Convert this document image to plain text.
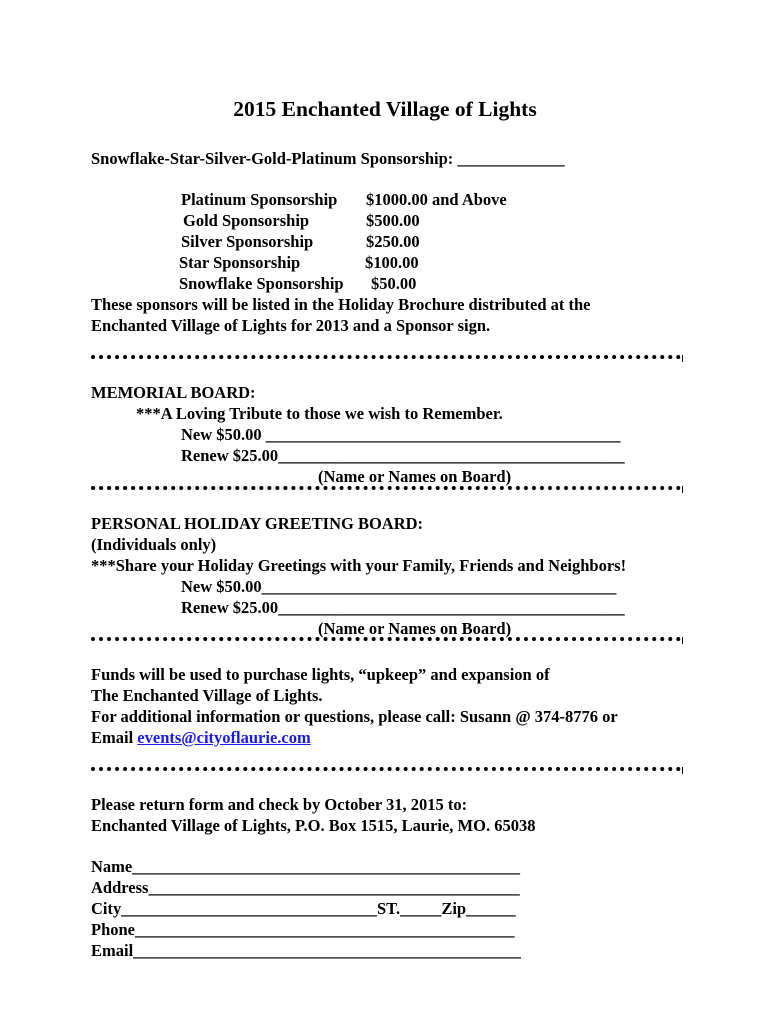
2015 Enchanted Village of Lights
Snowflake-Star-Silver-Gold-Platinum Sponsorship: _____________
Platinum Sponsorship $1000.00 and Above
Gold Sponsorship	$500.00
Silver Sponsorship	$250.00
Star Sponsorship	$100.00
Snowflake Sponsorship $50.00
These sponsors will be listed in the Holiday Brochure distributed at the
Enchanted Village of Lights for 2013 and a Sponsor sign.
MEMORIAL BOARD:
***A Loving Tribute to those we wish to Remember.
New $50.00 ___________________________________________
Renew $25.00__________________________________________
(Name or Names on Board)
PERSONAL HOLIDAY GREETING BOARD:
(Individuals only)
***Share your Holiday Greetings with your Family, Friends and Neighbors!
New $50.00___________________________________________
Renew $25.00__________________________________________
(Name or Names on Board)
Funds will be used to purchase lights, “upkeep” and expansion of
The Enchanted Village of Lights.
For additional information or questions, please call: Susann @ 374-8776 or
Email events@cityoflaurie.com
Please return form and check by October 31, 2015 to:
Enchanted Village of Lights, P.O. Box 1515, Laurie, MO. 65038
Name_______________________________________________
Address_____________________________________________
City_______________________________ST._____Zip______
Phone______________________________________________
Email_______________________________________________
